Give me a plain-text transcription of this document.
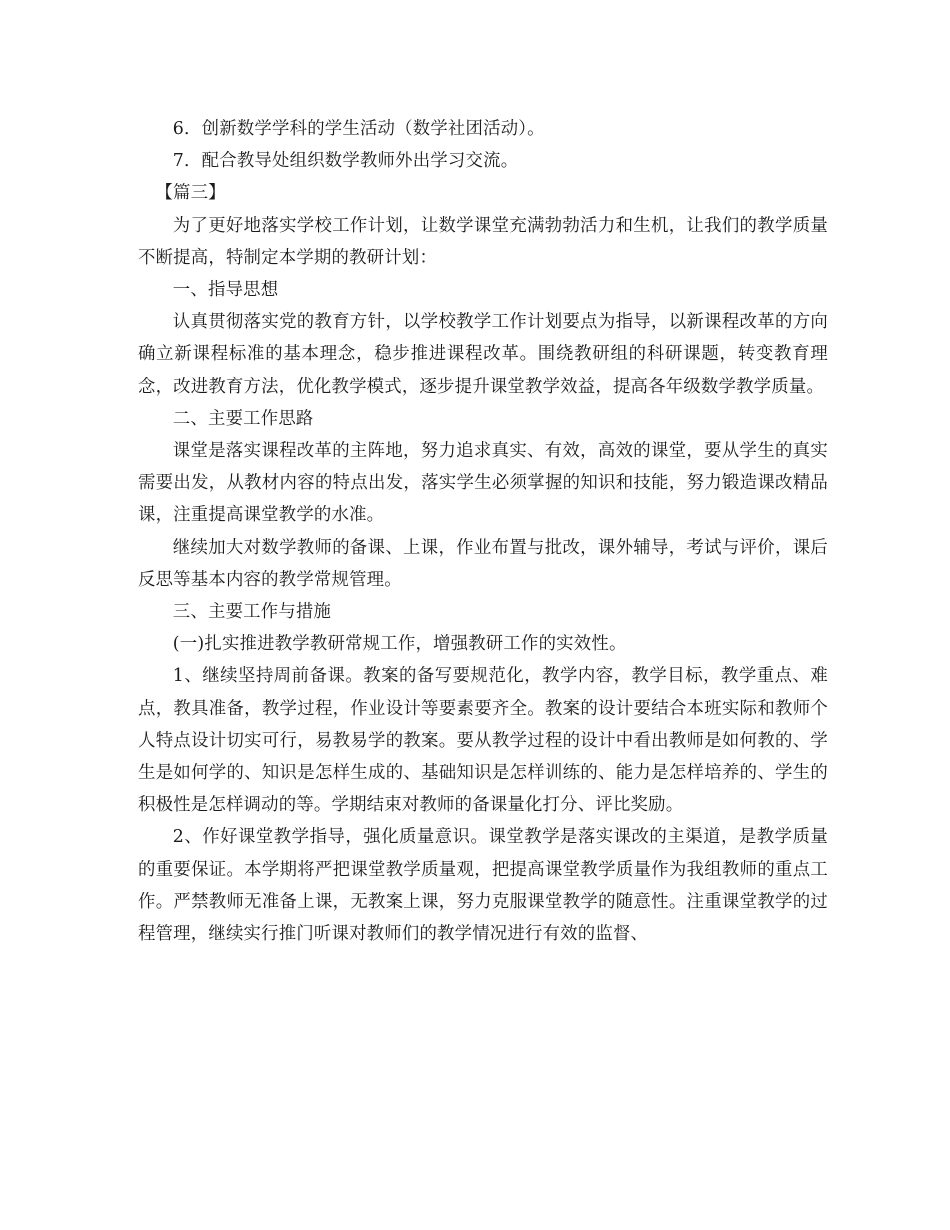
6．创新数学学科的学生活动（数学社团活动）。

7．配合教导处组织数学教师外出学习交流。

【篇三】

为了更好地落实学校工作计划，让数学课堂充满勃勃活力和生机，让我们的教学质量不断提高，特制定本学期的教研计划：

一、指导思想

认真贯彻落实党的教育方针，以学校教学工作计划要点为指导，以新课程改革的方向确立新课程标准的基本理念，稳步推进课程改革。围绕教研组的科研课题，转变教育理念，改进教育方法，优化教学模式，逐步提升课堂教学效益，提高各年级数学教学质量。

二、主要工作思路

课堂是落实课程改革的主阵地，努力追求真实、有效，高效的课堂，要从学生的真实需要出发，从教材内容的特点出发，落实学生必须掌握的知识和技能，努力锻造课改精品课，注重提高课堂教学的水准。

继续加大对数学教师的备课、上课，作业布置与批改，课外辅导，考试与评价，课后反思等基本内容的教学常规管理。

三、主要工作与措施

(一)扎实推进教学教研常规工作，增强教研工作的实效性。

1、继续坚持周前备课。教案的备写要规范化，教学内容，教学目标，教学重点、难点，教具准备，教学过程，作业设计等要素要齐全。教案的设计要结合本班实际和教师个人特点设计切实可行，易教易学的教案。要从教学过程的设计中看出教师是如何教的、学生是如何学的、知识是怎样生成的、基础知识是怎样训练的、能力是怎样培养的、学生的积极性是怎样调动的等。学期结束对教师的备课量化打分、评比奖励。

2、作好课堂教学指导，强化质量意识。课堂教学是落实课改的主渠道，是教学质量的重要保证。本学期将严把课堂教学质量观，把提高课堂教学质量作为我组教师的重点工作。严禁教师无准备上课，无教案上课，努力克服课堂教学的随意性。注重课堂教学的过程管理，继续实行推门听课对教师们的教学情况进行有效的监督、
